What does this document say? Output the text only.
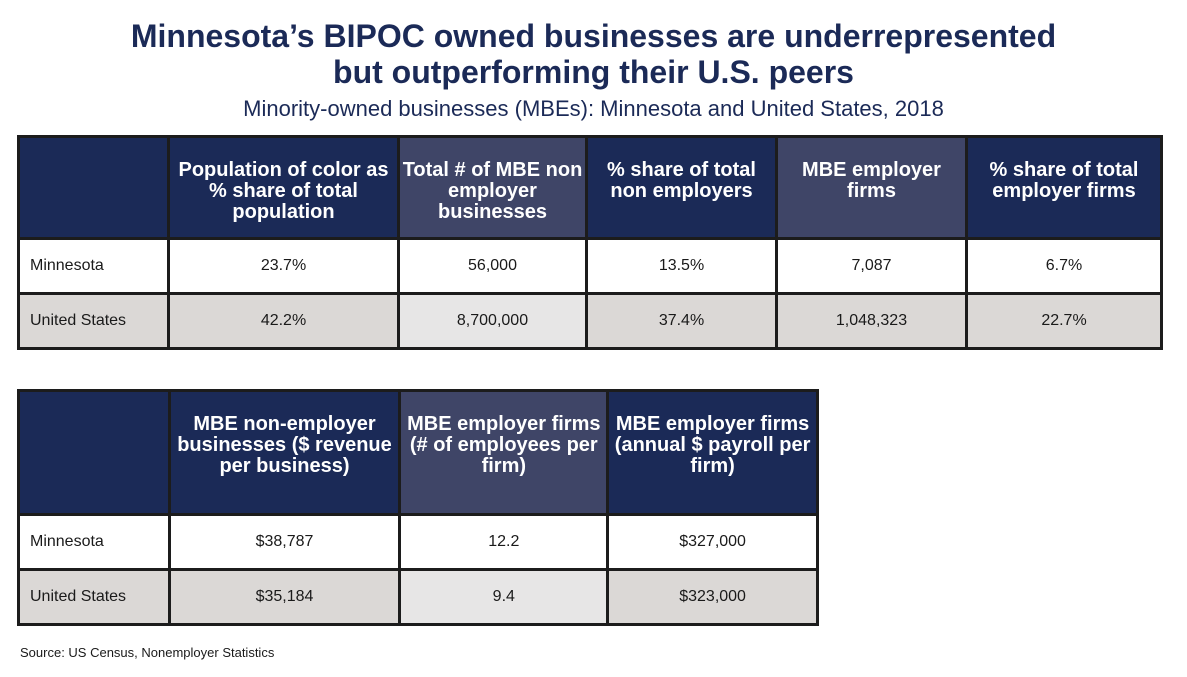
Minnesota’s BIPOC owned businesses are underrepresented
but outperforming their U.S. peers
Minority-owned businesses (MBEs): Minnesota and United States, 2018
	Population of color as % share of total population	Total # of MBE non employer businesses	% share of total non employers	MBE employer firms	% share of total employer firms
Minnesota	23.7%	56,000	13.5%	7,087	6.7%
United States	42.2%	8,700,000	37.4%	1,048,323	22.7%
	MBE non-employer businesses ($ revenue per business)	MBE employer firms (# of employees per firm)	MBE employer firms (annual $ payroll per firm)
Minnesota	$38,787	12.2	$327,000
United States	$35,184	9.4	$323,000
Source: US Census, Nonemployer Statistics
